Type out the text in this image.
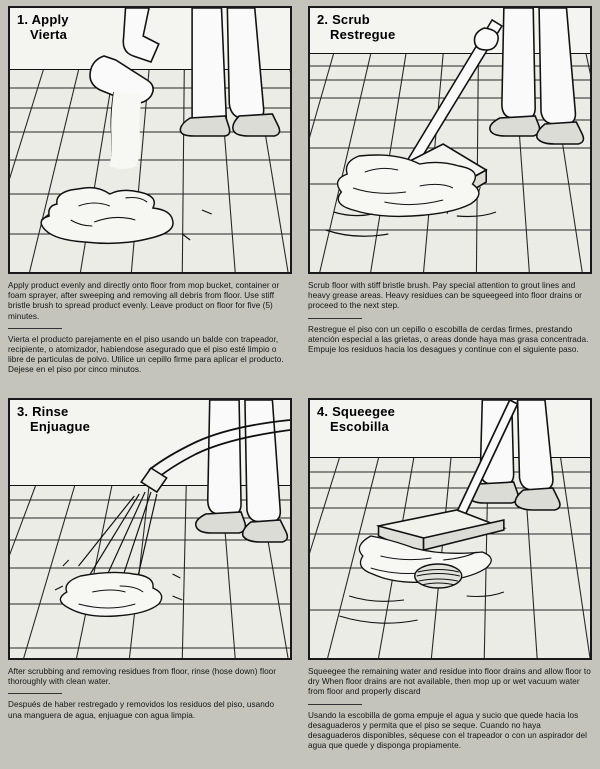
1. Apply
Vierta

Apply product evenly and directly onto floor from mop bucket, container or foam sprayer, after sweeping and removing all debris from floor. Use stiff bristle brush to spread product evenly. Leave product on floor for five (5) minutes.

Vierta el producto parejamente en el piso usando un balde con trapeador, recipiente, o atomizador, habiendose asegurado que el piso esté limpio o libre de particulas de polvo. Utilice un cepillo firme para aplicar el producto. Dejese en el piso por cinco minutos.

2. Scrub
Restregue

Scrub floor with stiff bristle brush. Pay special attention to grout lines and heavy grease areas. Heavy residues can be squeegeed into floor drains or proceed to the next step.

Restregue el piso con un cepillo o escobilla de cerdas firmes, prestando atención especial a las grietas, o areas donde haya mas grasa concentrada. Empuje los residuos hacia los desagues y continue con el siguiente paso.

3. Rinse
Enjuague

After scrubbing and removing residues from floor, rinse (hose down) floor thoroughly with clean water.

Después de haber restregado y removidos los residuos del piso, usando una manguera de agua, enjuague con agua limpia.

4. Squeegee
Escobilla

Squeegee the remaining water and residue into floor drains and allow floor to dry When floor drains are not available, then mop up or wet vacuum water from floor and properly discard

Usando la escobilla de goma empuje el agua y sucio que quede hacia los desaguaderos y permita que el piso se seque. Cuando no haya desaguaderos disponibles, séquese con el trapeador o con un aspirador del agua que quede y disponga propiamente.
